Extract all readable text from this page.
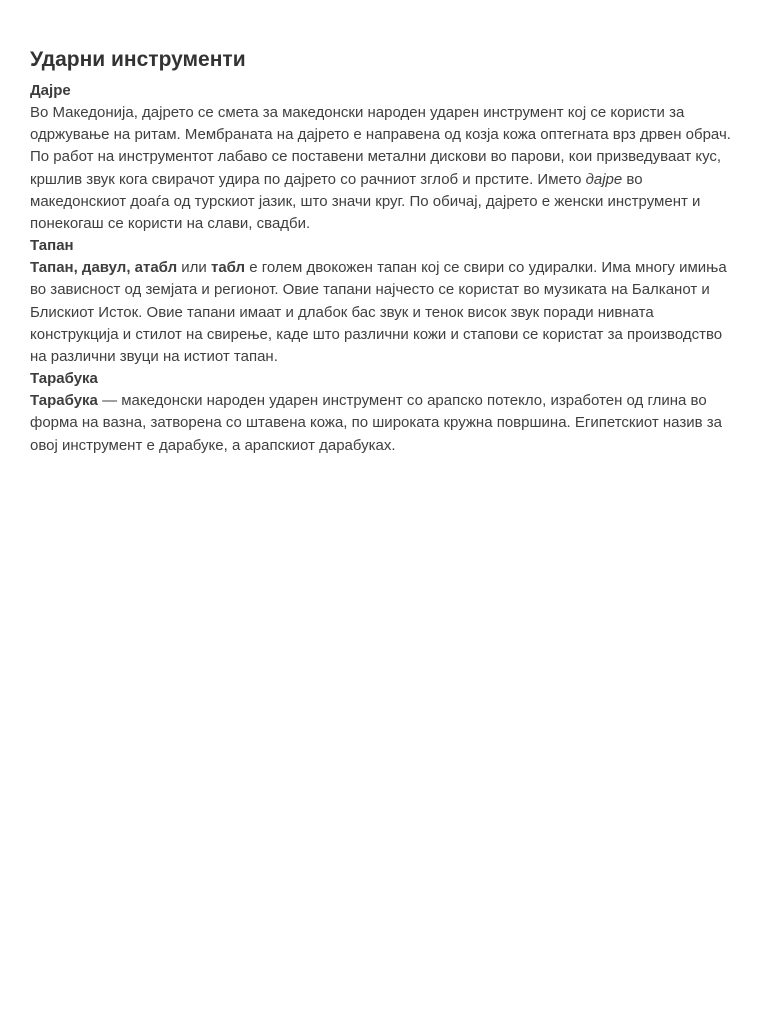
Ударни инструменти
Дајре

Во Македонија, дајрето се смета за македонски народен ударен инструмент кој се користи за одржување на ритам. Мембраната на дајрето е направена од козја кожа оптегната врз дрвен обрач. По работ на инструментот лабаво се поставени метални дискови во парови, кои призведуваат кус, кршлив звук кога свирачот удира по дајрето со рачниот зглоб и прстите. Името дајре во македонскиот доаѓа од турскиот јазик, што значи круг. По обичај, дајрето е женски инструмент и понекогаш се користи на слави, свадби.

Тапан

Тапан, давул, атабл или табл е голем двокожен тапан кој се свири со удиралки. Има многу имиња во зависност од земјата и регионот. Овие тапани најчесто се користат во музиката на Балканот и Блискиот Исток. Овие тапани имаат и длабок бас звук и тенок висок звук поради нивната конструкција и стилот на свирење, каде што различни кожи и стапови се користат за производство на различни звуци на истиот тапан.

Тарабука

Тарабука — македонски народен ударен инструмент со арапско потекло, изработен од глина во форма на вазна, затворена со штавена кожа, по широката кружна површина. Египетскиот назив за овој инструмент е дарабуке, а арапскиот дарабуках.
